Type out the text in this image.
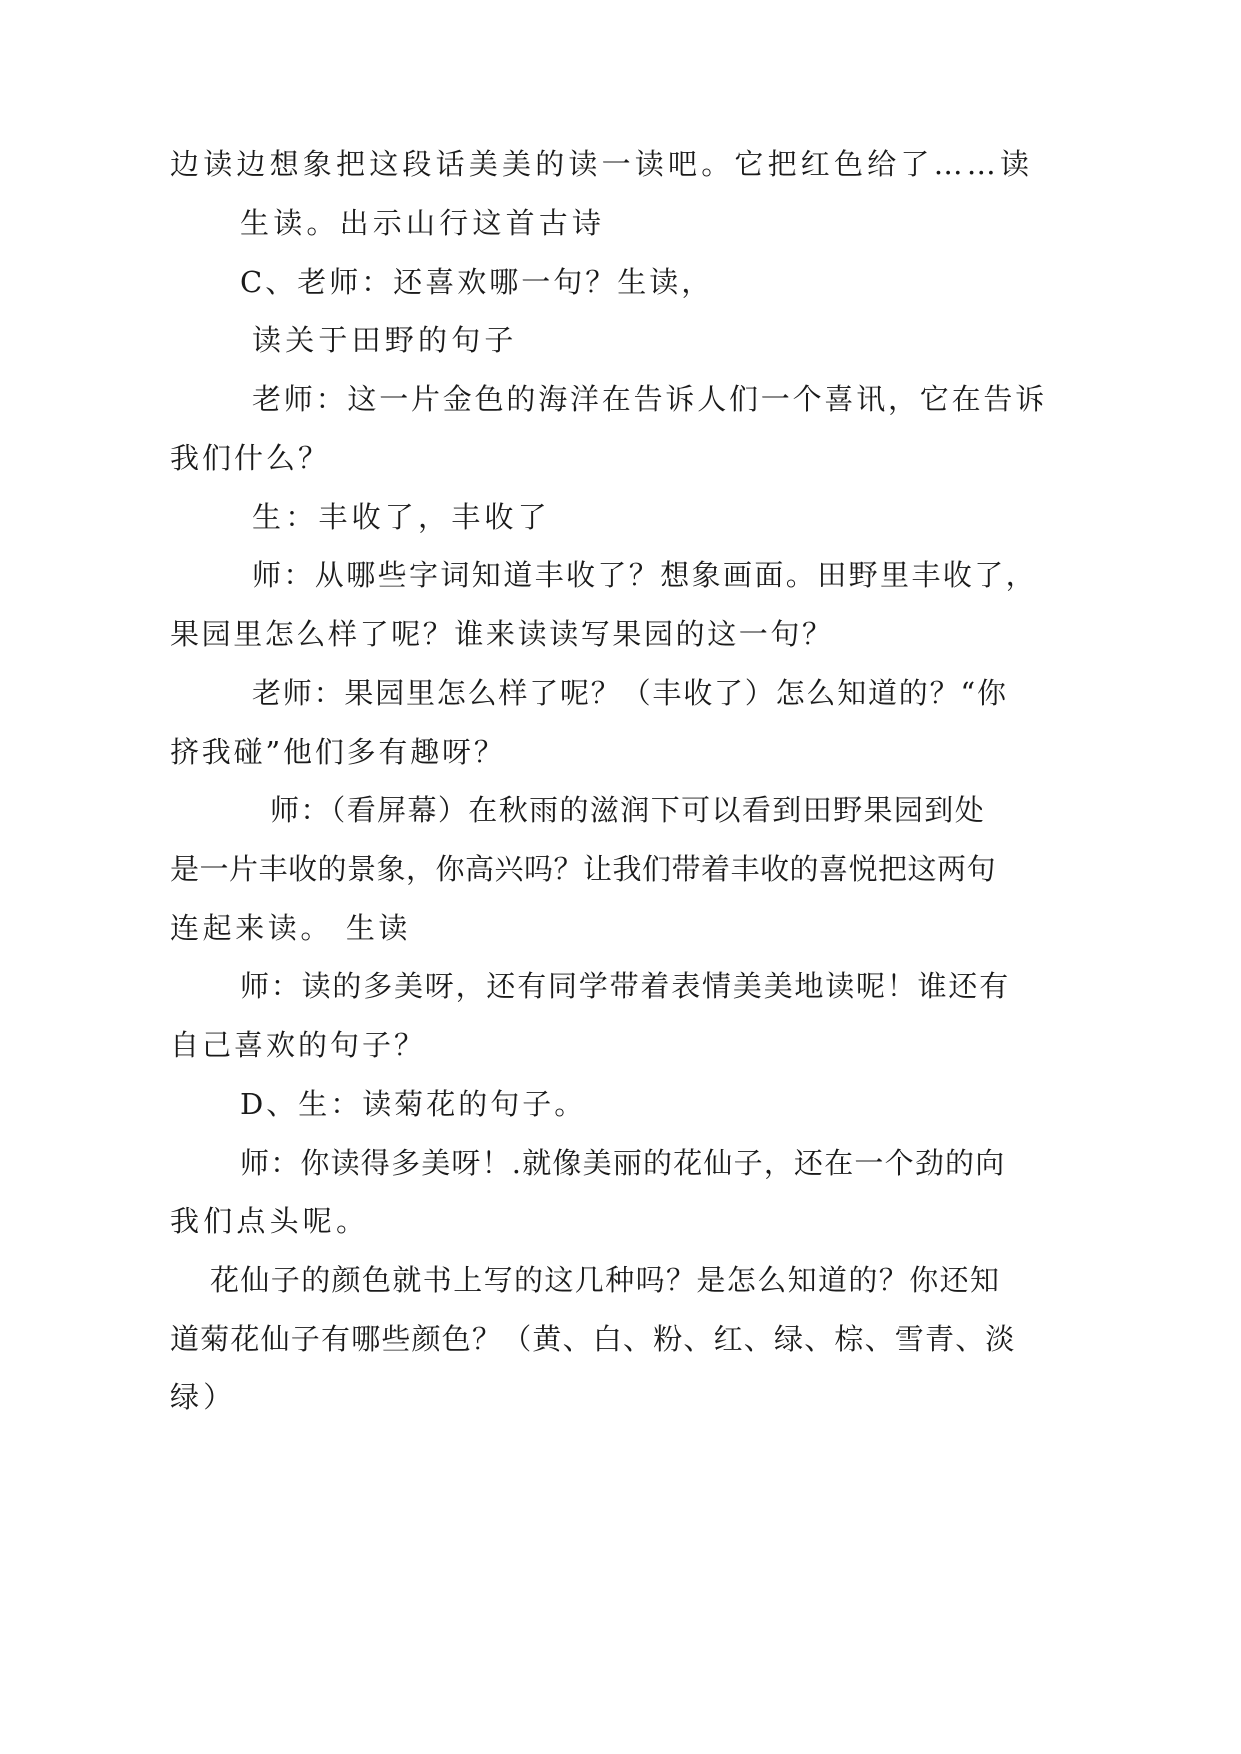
边读边想象把这段话美美的读一读吧。它把红色给了……读
生读。出示山行这首古诗
C、老师：还喜欢哪一句？生读，
读关于田野的句子
老师：这一片金色的海洋在告诉人们一个喜讯，它在告诉
我们什么？
生：丰收了，丰收了
师：从哪些字词知道丰收了？想象画面。田野里丰收了，
果园里怎么样了呢？谁来读读写果园的这一句？
老师：果园里怎么样了呢？（丰收了）怎么知道的？“你
挤我碰”他们多有趣呀？
师：（看屏幕）在秋雨的滋润下可以看到田野果园到处
是一片丰收的景象，你高兴吗？让我们带着丰收的喜悦把这两句
连起来读。 生读
师：读的多美呀，还有同学带着表情美美地读呢！谁还有
自己喜欢的句子？
D、生：读菊花的句子。
师：你读得多美呀！.就像美丽的花仙子，还在一个劲的向
我们点头呢。
花仙子的颜色就书上写的这几种吗？是怎么知道的？你还知
道菊花仙子有哪些颜色？（黄、白、粉、红、绿、棕、雪青、淡
绿）
